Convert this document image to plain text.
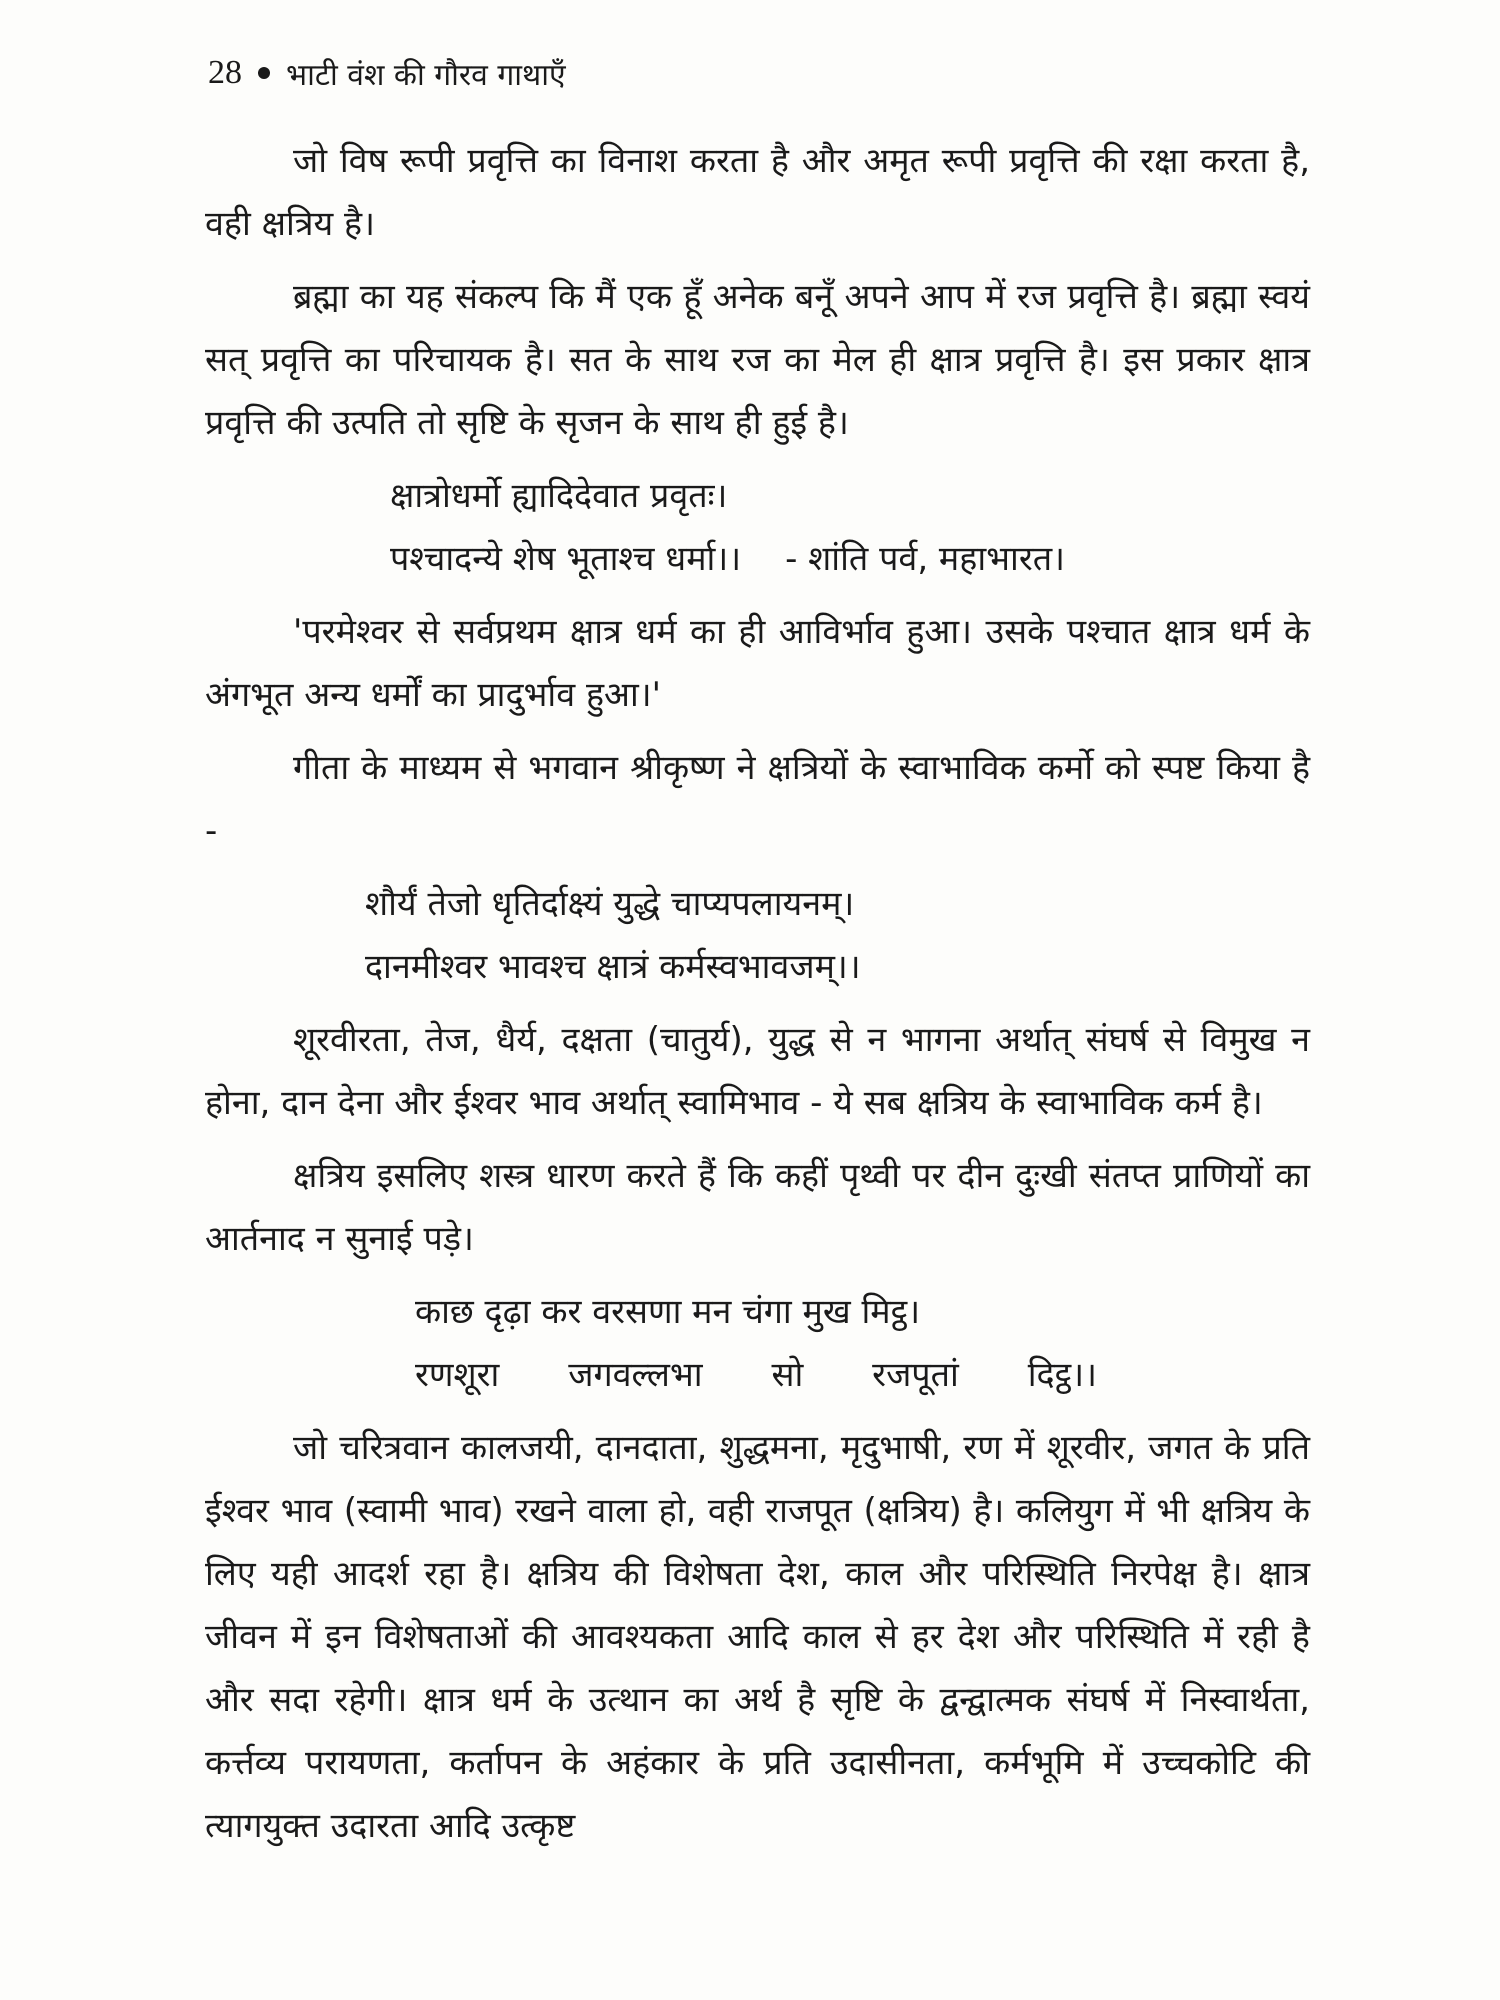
28 भाटी वंश की गौरव गाथाएँ

जो विष रूपी प्रवृत्ति का विनाश करता है और अमृत रूपी प्रवृत्ति की रक्षा करता है, वही क्षत्रिय है।

ब्रह्मा का यह संकल्प कि मैं एक हूँ अनेक बनूँ अपने आप में रज प्रवृत्ति है। ब्रह्मा स्वयं सत् प्रवृत्ति का परिचायक है। सत के साथ रज का मेल ही क्षात्र प्रवृत्ति है। इस प्रकार क्षात्र प्रवृत्ति की उत्पति तो सृष्टि के सृजन के साथ ही हुई है।

क्षात्रोधर्मो ह्यादिदेवात प्रवृतः।
पश्चादन्ये शेष भूताश्च धर्मा।। - शांति पर्व, महाभारत।

'परमेश्वर से सर्वप्रथम क्षात्र धर्म का ही आविर्भाव हुआ। उसके पश्चात क्षात्र धर्म के अंगभूत अन्य धर्मों का प्रादुर्भाव हुआ।'

गीता के माध्यम से भगवान श्रीकृष्ण ने क्षत्रियों के स्वाभाविक कर्मो को स्पष्ट किया है -

शौर्यं तेजो धृतिर्दाक्ष्यं युद्धे चाप्यपलायनम्।
दानमीश्वर भावश्च क्षात्रं कर्मस्वभावजम्।।

शूरवीरता, तेज, धैर्य, दक्षता (चातुर्य), युद्ध से न भागना अर्थात् संघर्ष से विमुख न होना, दान देना और ईश्वर भाव अर्थात् स्वामिभाव - ये सब क्षत्रिय के स्वाभाविक कर्म है।

क्षत्रिय इसलिए शस्त्र धारण करते हैं कि कहीं पृथ्वी पर दीन दुःखी संतप्त प्राणियों का आर्तनाद न सुनाई पड़े।

काछ दृढ़ा कर वरसणा मन चंगा मुख मिट्ठ।
रणशूरा जगवल्लभा सो रजपूतां दिट्ठ।।

जो चरित्रवान कालजयी, दानदाता, शुद्धमना, मृदुभाषी, रण में शूरवीर, जगत के प्रति ईश्वर भाव (स्वामी भाव) रखने वाला हो, वही राजपूत (क्षत्रिय) है। कलियुग में भी क्षत्रिय के लिए यही आदर्श रहा है। क्षत्रिय की विशेषता देश, काल और परिस्थिति निरपेक्ष है। क्षात्र जीवन में इन विशेषताओं की आवश्यकता आदि काल से हर देश और परिस्थिति में रही है और सदा रहेगी। क्षात्र धर्म के उत्थान का अर्थ है सृष्टि के द्वन्द्वात्मक संघर्ष में निस्वार्थता, कर्त्तव्य परायणता, कर्तापन के अहंकार के प्रति उदासीनता, कर्मभूमि में उच्चकोटि की त्यागयुक्त उदारता आदि उत्कृष्ट
